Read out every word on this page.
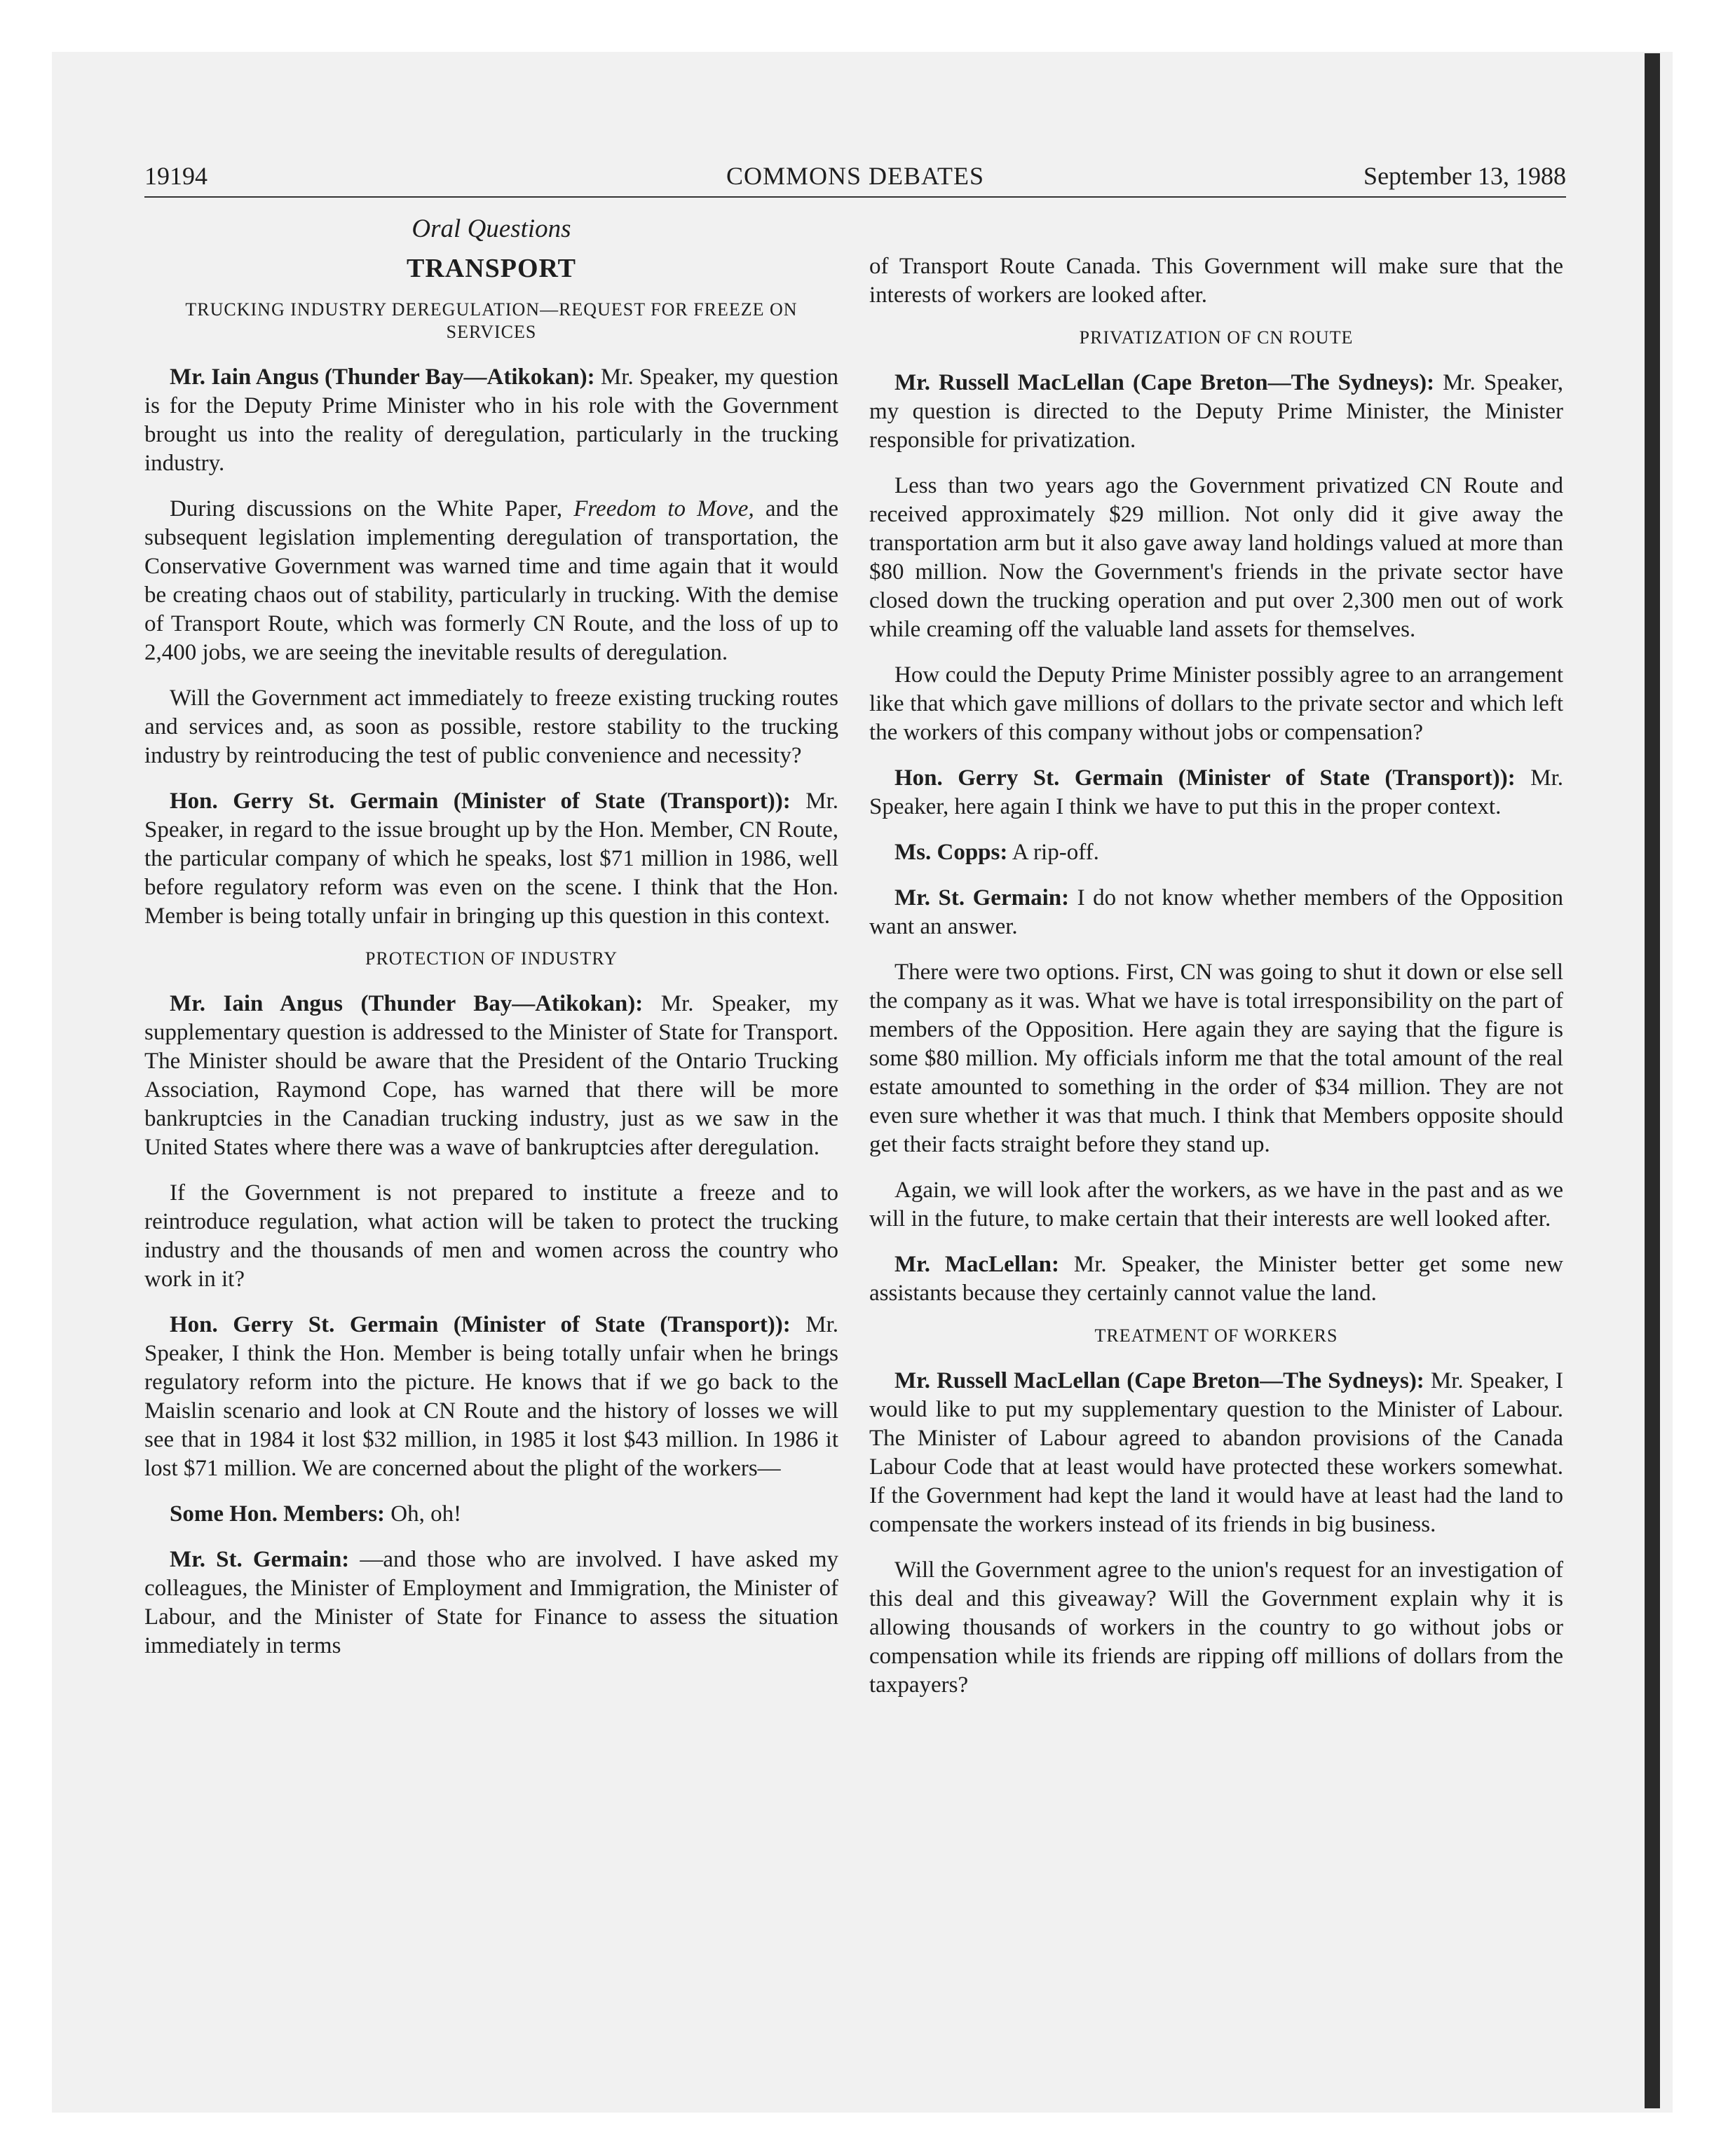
19194	COMMONS DEBATES	September 13, 1988
Oral Questions
TRANSPORT
TRUCKING INDUSTRY DEREGULATION—REQUEST FOR FREEZE ON SERVICES

Mr. Iain Angus (Thunder Bay—Atikokan): Mr. Speaker, my question is for the Deputy Prime Minister who in his role with the Government brought us into the reality of deregulation, particularly in the trucking industry.

During discussions on the White Paper, Freedom to Move, and the subsequent legislation implementing deregulation of transportation, the Conservative Government was warned time and time again that it would be creating chaos out of stability, particularly in trucking. With the demise of Transport Route, which was formerly CN Route, and the loss of up to 2,400 jobs, we are seeing the inevitable results of deregulation.

Will the Government act immediately to freeze existing trucking routes and services and, as soon as possible, restore stability to the trucking industry by reintroducing the test of public convenience and necessity?

Hon. Gerry St. Germain (Minister of State (Transport)): Mr. Speaker, in regard to the issue brought up by the Hon. Member, CN Route, the particular company of which he speaks, lost $71 million in 1986, well before regulatory reform was even on the scene. I think that the Hon. Member is being totally unfair in bringing up this question in this context.

PROTECTION OF INDUSTRY

Mr. Iain Angus (Thunder Bay—Atikokan): Mr. Speaker, my supplementary question is addressed to the Minister of State for Transport. The Minister should be aware that the President of the Ontario Trucking Association, Raymond Cope, has warned that there will be more bankruptcies in the Canadian trucking industry, just as we saw in the United States where there was a wave of bankruptcies after deregulation.

If the Government is not prepared to institute a freeze and to reintroduce regulation, what action will be taken to protect the trucking industry and the thousands of men and women across the country who work in it?

Hon. Gerry St. Germain (Minister of State (Transport)): Mr. Speaker, I think the Hon. Member is being totally unfair when he brings regulatory reform into the picture. He knows that if we go back to the Maislin scenario and look at CN Route and the history of losses we will see that in 1984 it lost $32 million, in 1985 it lost $43 million. In 1986 it lost $71 million. We are concerned about the plight of the workers—

Some Hon. Members: Oh, oh!

Mr. St. Germain: —and those who are involved. I have asked my colleagues, the Minister of Employment and Immigration, the Minister of Labour, and the Minister of State for Finance to assess the situation immediately in terms

of Transport Route Canada. This Government will make sure that the interests of workers are looked after.

PRIVATIZATION OF CN ROUTE

Mr. Russell MacLellan (Cape Breton—The Sydneys): Mr. Speaker, my question is directed to the Deputy Prime Minister, the Minister responsible for privatization.

Less than two years ago the Government privatized CN Route and received approximately $29 million. Not only did it give away the transportation arm but it also gave away land holdings valued at more than $80 million. Now the Government's friends in the private sector have closed down the trucking operation and put over 2,300 men out of work while creaming off the valuable land assets for themselves.

How could the Deputy Prime Minister possibly agree to an arrangement like that which gave millions of dollars to the private sector and which left the workers of this company without jobs or compensation?

Hon. Gerry St. Germain (Minister of State (Transport)): Mr. Speaker, here again I think we have to put this in the proper context.

Ms. Copps: A rip-off.

Mr. St. Germain: I do not know whether members of the Opposition want an answer.

There were two options. First, CN was going to shut it down or else sell the company as it was. What we have is total irresponsibility on the part of members of the Opposition. Here again they are saying that the figure is some $80 million. My officials inform me that the total amount of the real estate amounted to something in the order of $34 million. They are not even sure whether it was that much. I think that Members opposite should get their facts straight before they stand up.

Again, we will look after the workers, as we have in the past and as we will in the future, to make certain that their interests are well looked after.

Mr. MacLellan: Mr. Speaker, the Minister better get some new assistants because they certainly cannot value the land.

TREATMENT OF WORKERS

Mr. Russell MacLellan (Cape Breton—The Sydneys): Mr. Speaker, I would like to put my supplementary question to the Minister of Labour. The Minister of Labour agreed to abandon provisions of the Canada Labour Code that at least would have protected these workers somewhat. If the Government had kept the land it would have at least had the land to compensate the workers instead of its friends in big business.

Will the Government agree to the union's request for an investigation of this deal and this giveaway? Will the Government explain why it is allowing thousands of workers in the country to go without jobs or compensation while its friends are ripping off millions of dollars from the taxpayers?
